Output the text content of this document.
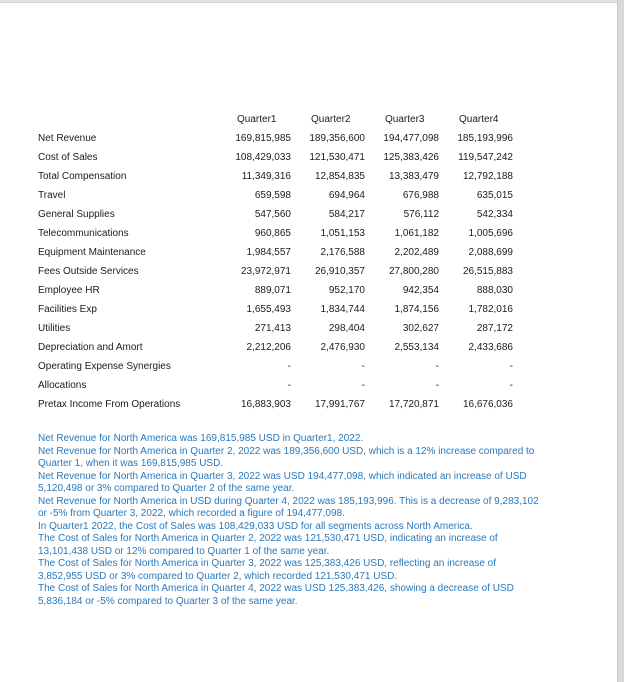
	Quarter1	Quarter2	Quarter3	Quarter4
Net Revenue	169,815,985	189,356,600	194,477,098	185,193,996
Cost of Sales	108,429,033	121,530,471	125,383,426	119,547,242
Total Compensation	11,349,316	12,854,835	13,383,479	12,792,188
Travel	659,598	694,964	676,988	635,015
General Supplies	547,560	584,217	576,112	542,334
Telecommunications	960,865	1,051,153	1,061,182	1,005,696
Equipment Maintenance	1,984,557	2,176,588	2,202,489	2,088,699
Fees Outside Services	23,972,971	26,910,357	27,800,280	26,515,883
Employee HR	889,071	952,170	942,354	888,030
Facilities Exp	1,655,493	1,834,744	1,874,156	1,782,016
Utilities	271,413	298,404	302,627	287,172
Depreciation and Amort	2,212,206	2,476,930	2,553,134	2,433,686
Operating Expense Synergies	-	-	-	-
Allocations	-	-	-	-
Pretax Income From Operations	16,883,903	17,991,767	17,720,871	16,676,036
Net Revenue for North America was 169,815,985 USD in Quarter1, 2022.
Net Revenue for North America in Quarter 2, 2022 was 189,356,600 USD, which is a 12% increase compared to
Quarter 1, when it was 169,815,985 USD.
Net Revenue for North America in Quarter 3, 2022 was USD 194,477,098, which indicated an increase of USD
5,120,498 or 3% compared to Quarter 2 of the same year.
Net Revenue for North America in USD during Quarter 4, 2022 was 185,193,996. This is a decrease of 9,283,102
or -5% from Quarter 3, 2022, which recorded a figure of 194,477,098.
In Quarter1 2022, the Cost of Sales was 108,429,033 USD for all segments across North America.
The Cost of Sales for North America in Quarter 2, 2022 was 121,530,471 USD, indicating an increase of
13,101,438 USD or 12% compared to Quarter 1 of the same year.
The Cost of Sales for North America in Quarter 3, 2022 was 125,383,426 USD, reflecting an increase of
3,852,955 USD or 3% compared to Quarter 2, which recorded 121,530,471 USD.
The Cost of Sales for North America in Quarter 4, 2022 was USD 125,383,426, showing a decrease of USD
5,836,184 or -5% compared to Quarter 3 of the same year.
